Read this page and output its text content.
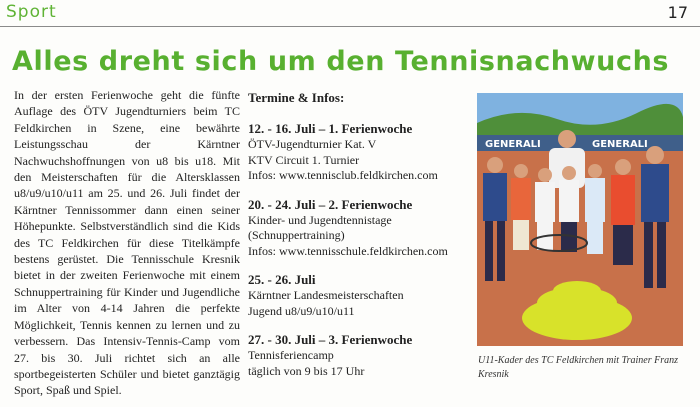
Sport	17
Alles dreht sich um den Tennisnachwuchs
In der ersten Ferienwoche geht die fünfte Auflage des ÖTV Jugendturniers beim TC Feldkirchen in Szene, eine bewährte Leistungsschau der Kärntner Nachwuchshoffnungen von u8 bis u18. Mit den Meisterschaften für die Altersklassen u8/u9/u10/u11 am 25. und 26. Juli findet der Kärntner Tennissommer dann einen seiner Höhepunkte. Selbstverständlich sind die Kids des TC Feldkirchen für diese Titelkämpfe bestens gerüstet. Die Tennisschule Kresnik bietet in der zweiten Ferienwoche mit einem Schnuppertraining für Kinder und Jugendliche im Alter von 4-14 Jahren die perfekte Möglichkeit, Tennis kennen zu lernen und zu verbessern. Das Intensiv-Tennis-Camp vom 27. bis 30. Juli richtet sich an alle sportbegeisterten Schüler und bietet ganztägig Sport, Spaß und Spiel.
Termine & Infos:
12. - 16. Juli – 1. Ferienwoche
ÖTV-Jugendturnier Kat. V
KTV Circuit 1. Turnier
Infos: www.tennisclub.feldkirchen.com
20. - 24. Juli – 2. Ferienwoche
Kinder- und Jugendtennistage
(Schnuppertraining)
Infos: www.tennisschule.feldkirchen.com
25. - 26. Juli
Kärntner Landesmeisterschaften
Jugend u8/u9/u10/u11
27. - 30. Juli – 3. Ferienwoche
Tennisferiencamp
täglich von 9 bis 17 Uhr
GENERALI
GENERALI
U11-Kader des TC Feldkirchen mit Trainer Franz Kresnik
